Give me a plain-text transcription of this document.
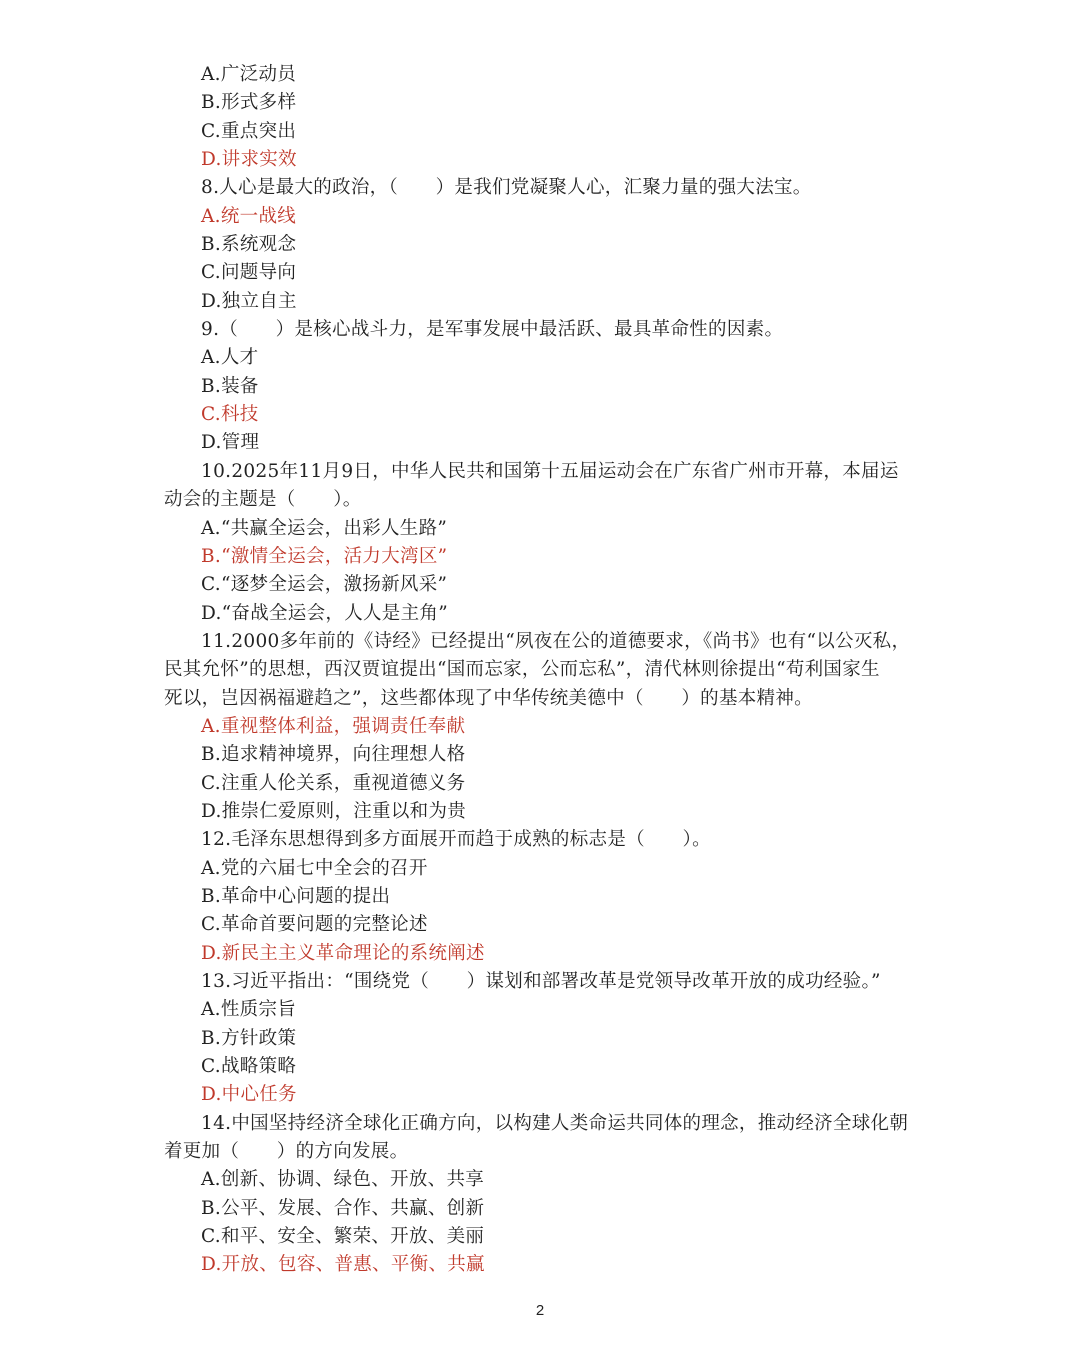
A.广泛动员
B.形式多样
C.重点突出
D.讲求实效
8.人心是最大的政治，（　　）是我们党凝聚人心，汇聚力量的强大法宝。
A.统一战线
B.系统观念
C.问题导向
D.独立自主
9.（　　）是核心战斗力，是军事发展中最活跃、最具革命性的因素。
A.人才
B.装备
C.科技
D.管理
10.2025年11月9日，中华人民共和国第十五届运动会在广东省广州市开幕，本届运
动会的主题是（　　）。
A.“共赢全运会，出彩人生路”
B.“激情全运会，活力大湾区”
C.“逐梦全运会，激扬新风采”
D.“奋战全运会，人人是主角”
11.2000多年前的《诗经》已经提出“夙夜在公的道德要求，《尚书》也有“以公灭私，
民其允怀”的思想，西汉贾谊提出“国而忘家，公而忘私”，清代林则徐提出“苟利国家生
死以，岂因祸福避趋之”，这些都体现了中华传统美德中（　　）的基本精神。
A.重视整体利益，强调责任奉献
B.追求精神境界，向往理想人格
C.注重人伦关系，重视道德义务
D.推崇仁爱原则，注重以和为贵
12.毛泽东思想得到多方面展开而趋于成熟的标志是（　　）。
A.党的六届七中全会的召开
B.革命中心问题的提出
C.革命首要问题的完整论述
D.新民主主义革命理论的系统阐述
13.习近平指出：“围绕党（　　）谋划和部署改革是党领导改革开放的成功经验。”
A.性质宗旨
B.方针政策
C.战略策略
D.中心任务
14.中国坚持经济全球化正确方向，以构建人类命运共同体的理念，推动经济全球化朝
着更加（　　）的方向发展。
A.创新、协调、绿色、开放、共享
B.公平、发展、合作、共赢、创新
C.和平、安全、繁荣、开放、美丽
D.开放、包容、普惠、平衡、共赢
2
